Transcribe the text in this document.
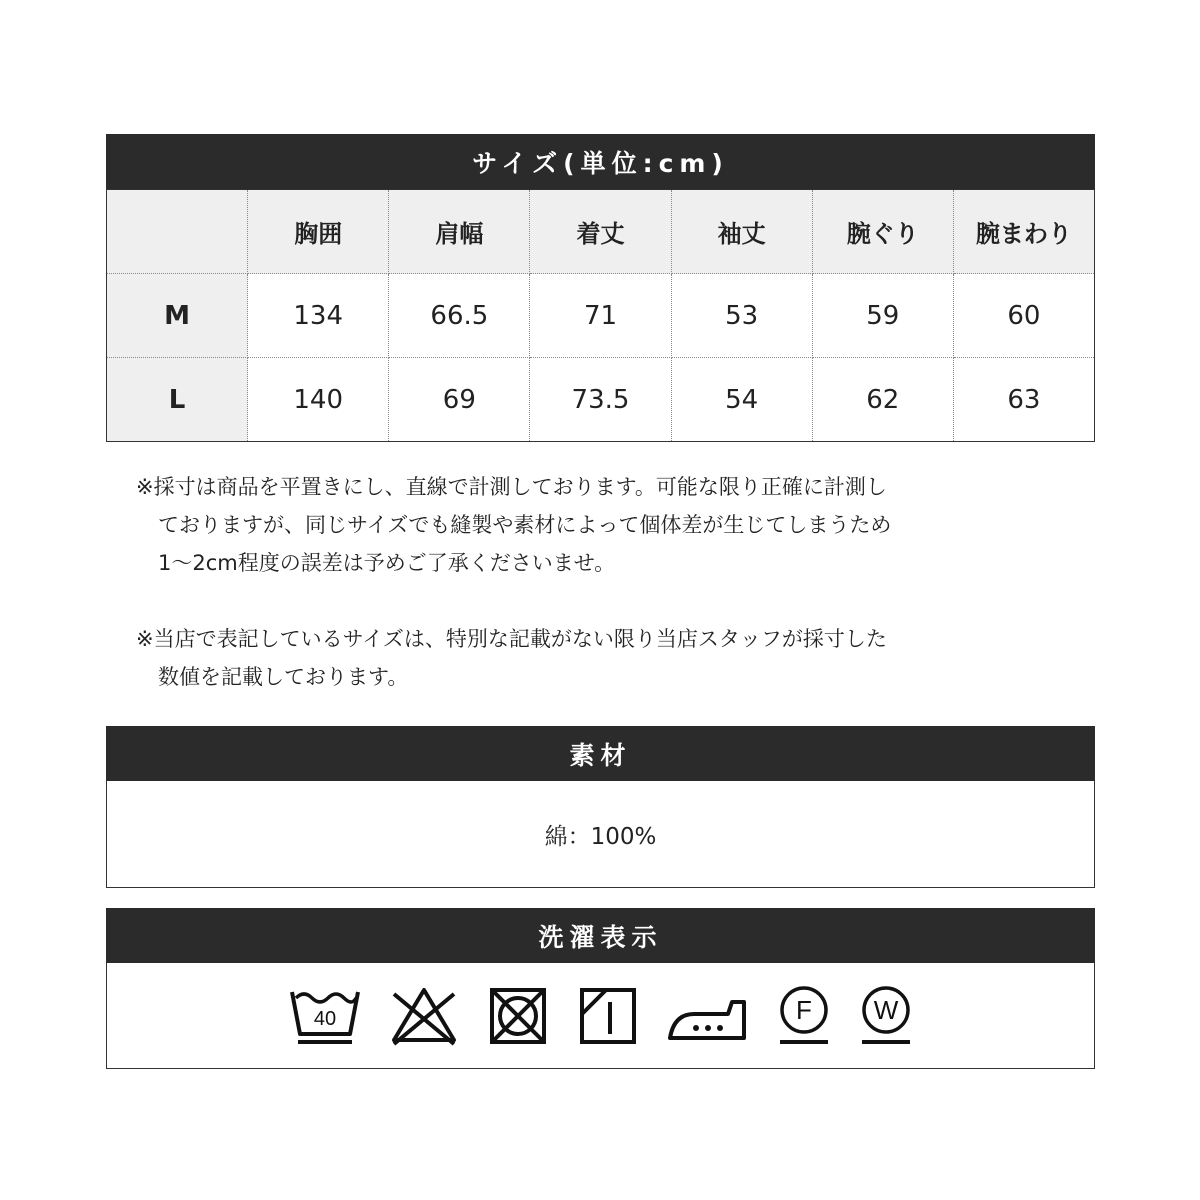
サイズ(単位:cm)
	胸囲	肩幅	着丈	袖丈	腕ぐり	腕まわり
M	134	66.5	71	53	59	60
L	140	69	73.5	54	62	63
※採寸は商品を平置きにし、直線で計測しております。可能な限り正確に計測し
ておりますが、同じサイズでも縫製や素材によって個体差が生じてしまうため
1〜2cm程度の誤差は予めご了承くださいませ。
※当店で表記しているサイズは、特別な記載がない限り当店スタッフが採寸した
数値を記載しております。
素材
綿：100%
洗濯表示
40	F W
